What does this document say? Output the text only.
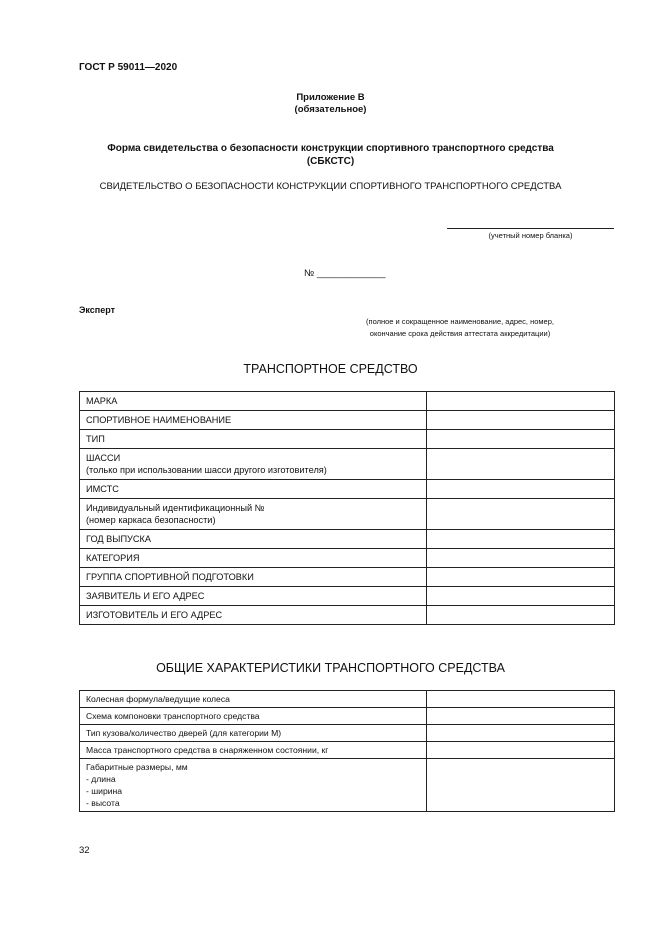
ГОСТ Р 59011—2020
Приложение В
(обязательное)
Форма свидетельства о безопасности конструкции спортивного транспортного средства
(СБКСТС)
СВИДЕТЕЛЬСТВО О БЕЗОПАСНОСТИ КОНСТРУКЦИИ СПОРТИВНОГО ТРАНСПОРТНОГО СРЕДСТВА
(учетный номер бланка)
№ _____________
Эксперт
(полное и сокращенное наименование, адрес, номер,
окончание срока действия аттестата аккредитации)
ТРАНСПОРТНОЕ СРЕДСТВО
МАРКА	

СПОРТИВНОЕ НАИМЕНОВАНИЕ	

ТИП	

ШАССИ
(только при использовании шасси другого изготовителя)	

ИМСТС	

Индивидуальный идентификационный №
(номер каркаса безопасности)	

ГОД ВЫПУСКА	

КАТЕГОРИЯ	

ГРУППА СПОРТИВНОЙ ПОДГОТОВКИ	

ЗАЯВИТЕЛЬ И ЕГО АДРЕС	

ИЗГОТОВИТЕЛЬ И ЕГО АДРЕС	

ОБЩИЕ ХАРАКТЕРИСТИКИ ТРАНСПОРТНОГО СРЕДСТВА
Колесная формула/ведущие колеса	

Схема компоновки транспортного средства	

Тип кузова/количество дверей (для категории М)	

Масса транспортного средства в снаряженном состоянии, кг	

Габаритные размеры, мм
- длина
- ширина
- высота	

32
